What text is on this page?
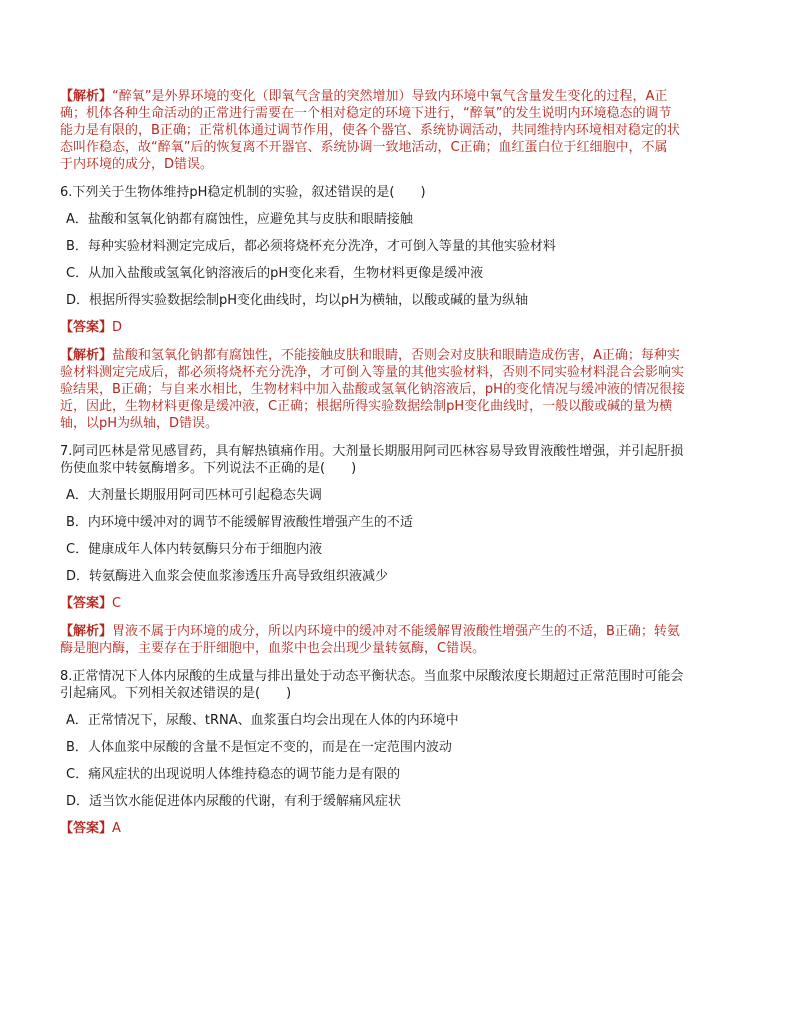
【解析】“醉氧”是外界环境的变化（即氧气含量的突然增加）导致内环境中氧气含量发生变化的过程，A正

确；机体各种生命活动的正常进行需要在一个相对稳定的环境下进行，“醉氧”的发生说明内环境稳态的调节

能力是有限的，B正确；正常机体通过调节作用，使各个器官、系统协调活动，共同维持内环境相对稳定的状

态叫作稳态，故“醉氧”后的恢复离不开器官、系统协调一致地活动，C正确；血红蛋白位于红细胞中，不属

于内环境的成分，D错误。

6.下列关于生物体维持pH稳定机制的实验，叙述错误的是(　　)

A．盐酸和氢氧化钠都有腐蚀性，应避免其与皮肤和眼睛接触

B．每种实验材料测定完成后，都必须将烧杯充分洗净，才可倒入等量的其他实验材料

C．从加入盐酸或氢氧化钠溶液后的pH变化来看，生物材料更像是缓冲液

D．根据所得实验数据绘制pH变化曲线时，均以pH为横轴，以酸或碱的量为纵轴

【答案】D

【解析】盐酸和氢氧化钠都有腐蚀性，不能接触皮肤和眼睛，否则会对皮肤和眼睛造成伤害，A正确；每种实

验材料测定完成后，都必须将烧杯充分洗净，才可倒入等量的其他实验材料，否则不同实验材料混合会影响实

验结果，B正确；与自来水相比，生物材料中加入盐酸或氢氧化钠溶液后，pH的变化情况与缓冲液的情况很接

近，因此，生物材料更像是缓冲液，C正确；根据所得实验数据绘制pH变化曲线时，一般以酸或碱的量为横

轴，以pH为纵轴，D错误。

7.阿司匹林是常见感冒药，具有解热镇痛作用。大剂量长期服用阿司匹林容易导致胃液酸性增强，并引起肝损

伤使血浆中转氨酶增多。下列说法不正确的是(　　)

A．大剂量长期服用阿司匹林可引起稳态失调

B．内环境中缓冲对的调节不能缓解胃液酸性增强产生的不适

C．健康成年人体内转氨酶只分布于细胞内液

D．转氨酶进入血浆会使血浆渗透压升高导致组织液减少

【答案】C

【解析】胃液不属于内环境的成分，所以内环境中的缓冲对不能缓解胃液酸性增强产生的不适，B正确；转氨

酶是胞内酶，主要存在于肝细胞中，血浆中也会出现少量转氨酶，C错误。

8.正常情况下人体内尿酸的生成量与排出量处于动态平衡状态。当血浆中尿酸浓度长期超过正常范围时可能会

引起痛风。下列相关叙述错误的是(　　)

A．正常情况下，尿酸、tRNA、血浆蛋白均会出现在人体的内环境中

B．人体血浆中尿酸的含量不是恒定不变的，而是在一定范围内波动

C．痛风症状的出现说明人体维持稳态的调节能力是有限的

D．适当饮水能促进体内尿酸的代谢，有利于缓解痛风症状

【答案】A
